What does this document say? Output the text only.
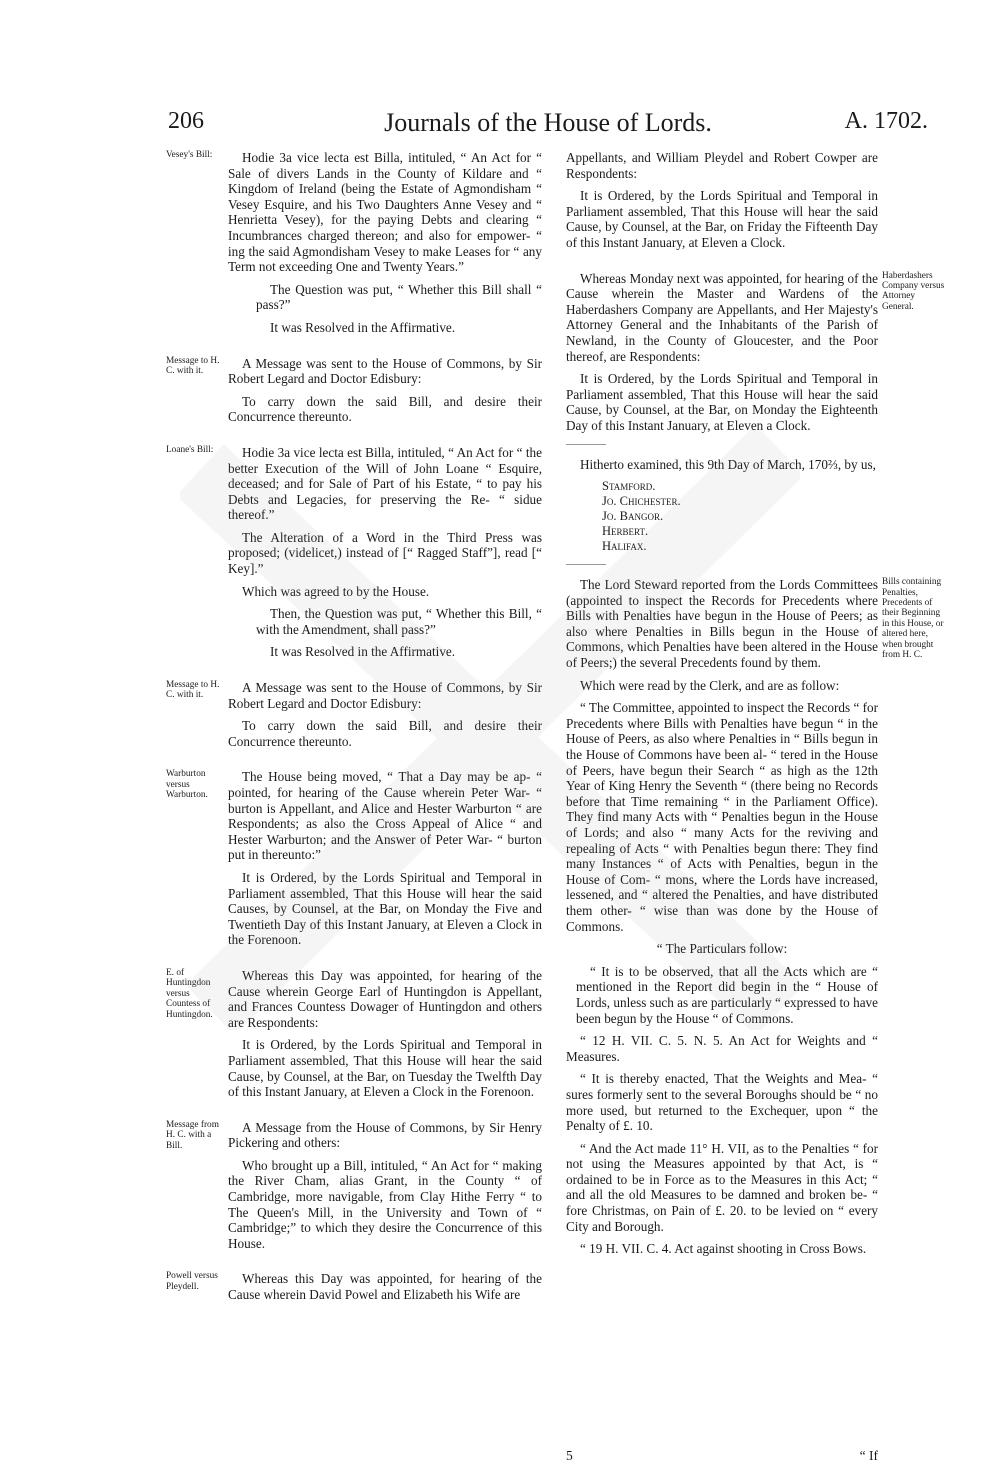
206	Journals of the House of Lords.	A. 1702.
Vesey's Bill:	Hodie 3a vice lecta est Billa, intituled, “ An Act for “ Sale of divers Lands in the County of Kildare and “ Kingdom of Ireland (being the Estate of Agmondisham “ Vesey Esquire, and his Two Daughters Anne Vesey and “ Henrietta Vesey), for the paying Debts and clearing “ Incumbrances charged thereon; and also for empower- “ ing the said Agmondisham Vesey to make Leases for “ any Term not exceeding One and Twenty Years.”

The Question was put, “ Whether this Bill shall “ pass?”

It was Resolved in the Affirmative.

Message to H. C. with it.

A Message was sent to the House of Commons, by Sir Robert Legard and Doctor Edisbury:

To carry down the said Bill, and desire their Concurrence thereunto.

Loane's Bill:	Hodie 3a vice lecta est Billa, intituled, “ An Act for “ the better Execution of the Will of John Loane “ Esquire, deceased; and for Sale of Part of his Estate, “ to pay his Debts and Legacies, for preserving the Re- “ sidue thereof.”

The Alteration of a Word in the Third Press was proposed; (videlicet,) instead of [“ Ragged Staff”], read [“ Key].”

Which was agreed to by the House.

Then, the Question was put, “ Whether this Bill, “ with the Amendment, shall pass?”

It was Resolved in the Affirmative.

Message to H. C. with it.

A Message was sent to the House of Commons, by Sir Robert Legard and Doctor Edisbury:

To carry down the said Bill, and desire their Concurrence thereunto.

Warburton versus Warburton.

The House being moved, “ That a Day may be ap- “ pointed, for hearing of the Cause wherein Peter War- “ burton is Appellant, and Alice and Hester Warburton “ are Respondents; as also the Cross Appeal of Alice “ and Hester Warburton; and the Answer of Peter War- “ burton put in thereunto:”

It is Ordered, by the Lords Spiritual and Temporal in Parliament assembled, That this House will hear the said Causes, by Counsel, at the Bar, on Monday the Five and Twentieth Day of this Instant January, at Eleven a Clock in the Forenoon.

E. of Huntingdon versus Countess of Huntingdon.

Whereas this Day was appointed, for hearing of the Cause wherein George Earl of Huntingdon is Appellant, and Frances Countess Dowager of Huntingdon and others are Respondents:

It is Ordered, by the Lords Spiritual and Temporal in Parliament assembled, That this House will hear the said Cause, by Counsel, at the Bar, on Tuesday the Twelfth Day of this Instant January, at Eleven a Clock in the Forenoon.

Message from H. C. with a Bill.

A Message from the House of Commons, by Sir Henry Pickering and others:

Who brought up a Bill, intituled, “ An Act for “ making the River Cham, alias Grant, in the County “ of Cambridge, more navigable, from Clay Hithe Ferry “ to The Queen's Mill, in the University and Town of “ Cambridge;” to which they desire the Concurrence of this House.

Powell versus Pleydell.

Whereas this Day was appointed, for hearing of the Cause wherein David Powel and Elizabeth his Wife are

Appellants, and William Pleydel and Robert Cowper are Respondents:

It is Ordered, by the Lords Spiritual and Temporal in Parliament assembled, That this House will hear the said Cause, by Counsel, at the Bar, on Friday the Fifteenth Day of this Instant January, at Eleven a Clock.

Haberdashers Company versus Attorney General.

Whereas Monday next was appointed, for hearing of the Cause wherein the Master and Wardens of the Haberdashers Company are Appellants, and Her Majesty's Attorney General and the Inhabitants of the Parish of Newland, in the County of Gloucester, and the Poor thereof, are Respondents:

It is Ordered, by the Lords Spiritual and Temporal in Parliament assembled, That this House will hear the said Cause, by Counsel, at the Bar, on Monday the Eighteenth Day of this Instant January, at Eleven a Clock.

Hitherto examined, this 9th Day of March, 170⅔, by us,

Stamford.
Jo. Chichester.
Jo. Bangor.
Herbert.
Halifax.
Bills containing Penalties, Precedents of their Beginning in this House, or altered here, when brought from H. C.

The Lord Steward reported from the Lords Committees (appointed to inspect the Records for Precedents where Bills with Penalties have begun in the House of Peers; as also where Penalties in Bills begun in the House of Commons, which Penalties have been altered in the House of Peers;) the several Precedents found by them.

Which were read by the Clerk, and are as follow:

“ The Committee, appointed to inspect the Records “ for Precedents where Bills with Penalties have begun “ in the House of Peers, as also where Penalties in “ Bills begun in the House of Commons have been al- “ tered in the House of Peers, have begun their Search “ as high as the 12th Year of King Henry the Seventh “ (there being no Records before that Time remaining “ in the Parliament Office). They find many Acts with “ Penalties begun in the House of Lords; and also “ many Acts for the reviving and repealing of Acts “ with Penalties begun there: They find many Instances “ of Acts with Penalties, begun in the House of Com- “ mons, where the Lords have increased, lessened, and “ altered the Penalties, and have distributed them other- “ wise than was done by the House of Commons.

“ The Particulars follow:

“ It is to be observed, that all the Acts which are “ mentioned in the Report did begin in the “ House of Lords, unless such as are particularly “ expressed to have been begun by the House “ of Commons.

“ 12 H. VII. C. 5. N. 5. An Act for Weights and “ Measures.

“ It is thereby enacted, That the Weights and Mea- “ sures formerly sent to the several Boroughs should be “ no more used, but returned to the Exchequer, upon “ the Penalty of £. 10.

“ And the Act made 11° H. VII, as to the Penalties “ for not using the Measures appointed by that Act, is “ ordained to be in Force as to the Measures in this Act; “ and all the old Measures to be damned and broken be- “ fore Christmas, on Pain of £. 20. to be levied on “ every City and Borough.

“ 19 H. VII. C. 4. Act against shooting in Cross Bows.

5	“ If
